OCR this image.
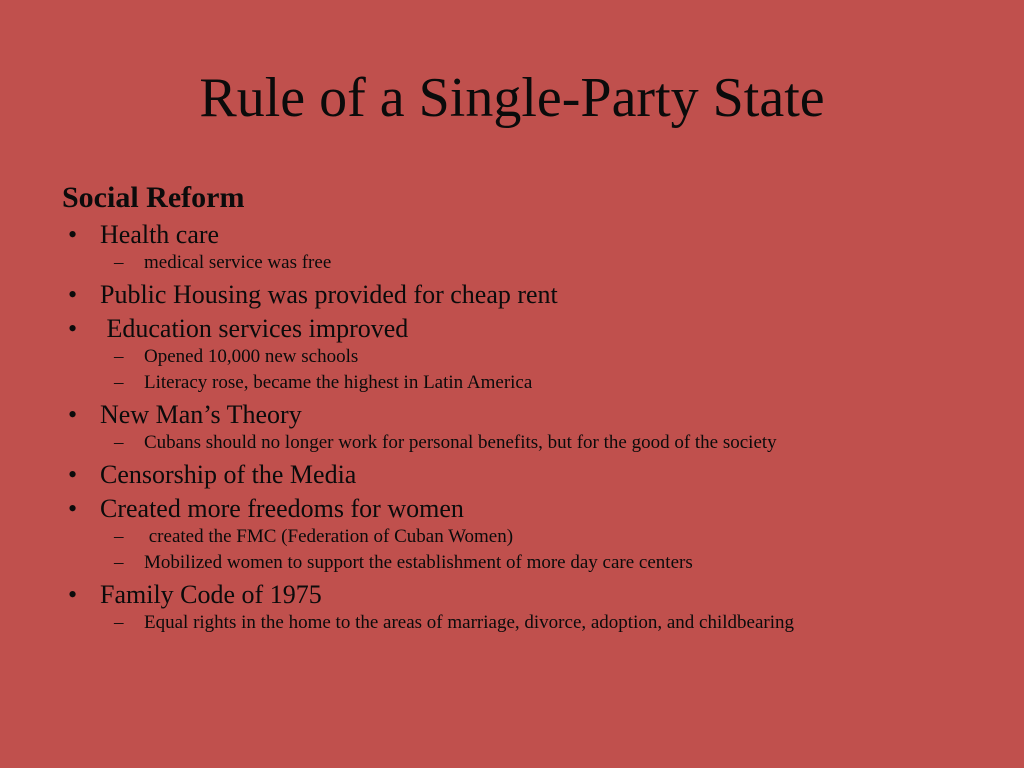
Rule of a Single-Party State

Social Reform

• Health care
–	medical service was free
• Public Housing was provided for cheap rent
• Education services improved
–	Opened 10,000 new schools
–	Literacy rose, became the highest in Latin America
• New Man’s Theory
–	Cubans should no longer work for personal benefits, but for the good of the society
• Censorship of the Media
• Created more freedoms for women
–	created the FMC (Federation of Cuban Women)
–	Mobilized women to support the establishment of more day care centers
• Family Code of 1975
–	Equal rights in the home to the areas of marriage, divorce, adoption, and childbearing
